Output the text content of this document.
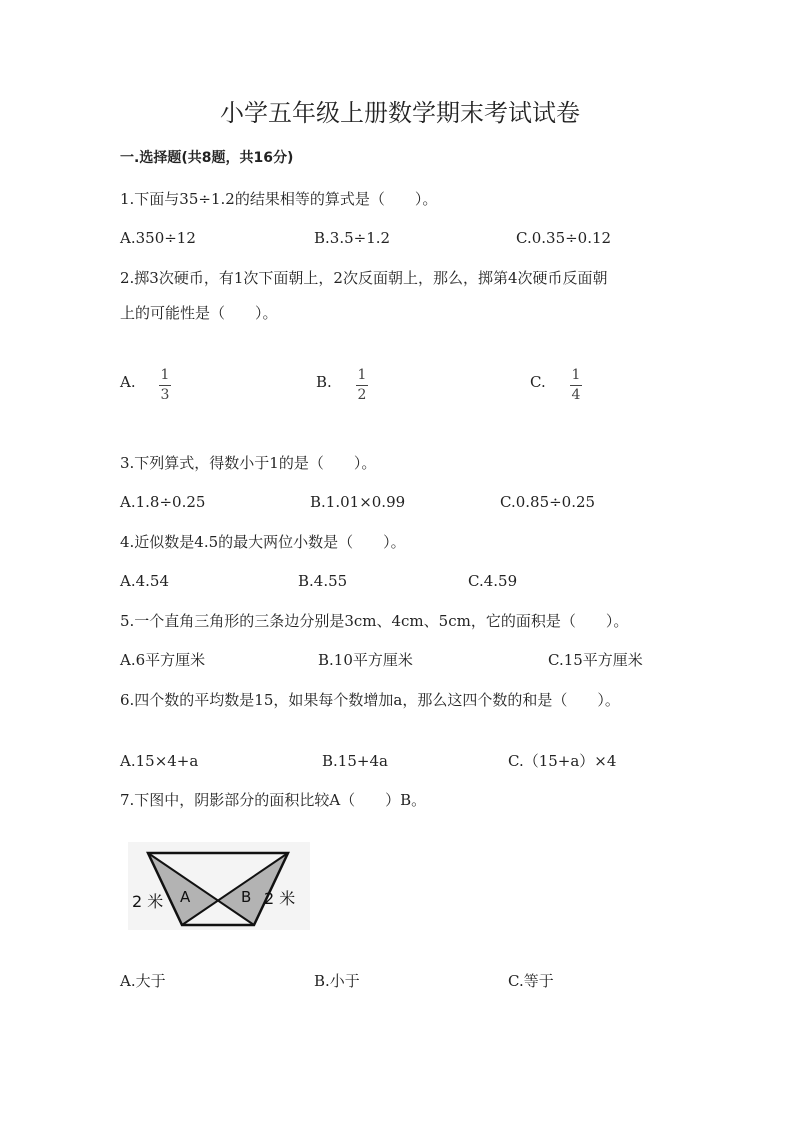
小学五年级上册数学期末考试试卷
一.选择题(共8题，共16分)
1.下面与35÷1.2的结果相等的算式是（　　）。
A.350÷12	B.3.5÷1.2	C.0.35÷0.12
2.掷3次硬币，有1次下面朝上，2次反面朝上，那么，掷第4次硬币反面朝
上的可能性是（　　）。
A. 1
3
B. 1
2
C. 1
4
3.下列算式，得数小于1的是（　　）。
A.1.8÷0.25	B.1.01×0.99	C.0.85÷0.25
4.近似数是4.5的最大两位小数是（　　）。
A.4.54	B.4.55	C.4.59
5.一个直角三角形的三条边分别是3cm、4cm、5cm，它的面积是（　　）。
A.6平方厘米	B.10平方厘米	C.15平方厘米
6.四个数的平均数是15，如果每个数增加a，那么这四个数的和是（　　）。
A.15×4+a	B.15+4a	C.（15+a）×4
7.下图中，阴影部分的面积比较A（　　）B。
A	B
2 米	2 米
A.大于	B.小于	C.等于
